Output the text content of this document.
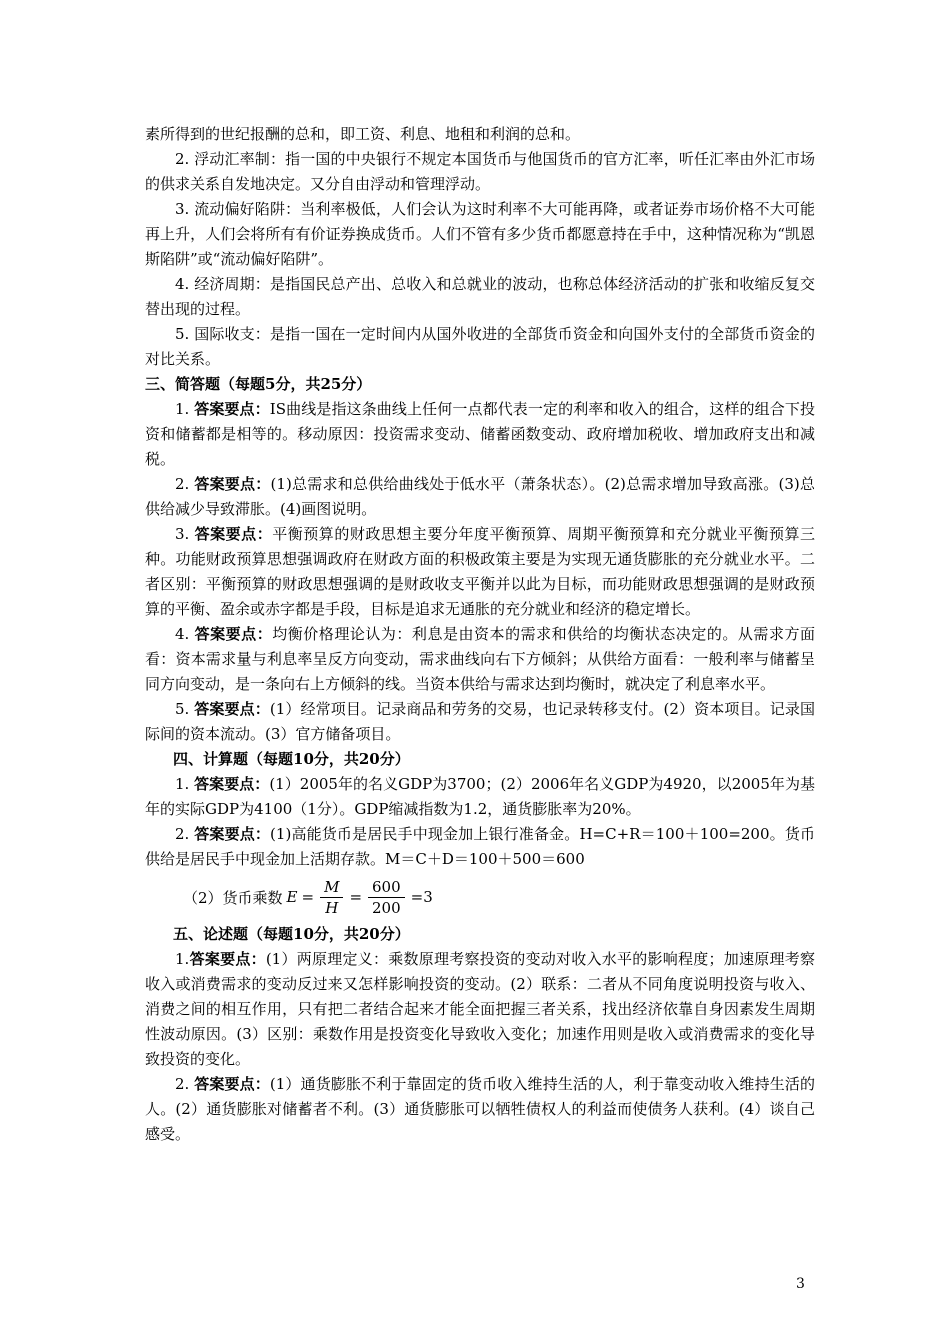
素所得到的世纪报酬的总和，即工资、利息、地租和利润的总和。

2. 浮动汇率制：指一国的中央银行不规定本国货币与他国货币的官方汇率，听任汇率由外汇市场的供求关系自发地决定。又分自由浮动和管理浮动。

3. 流动偏好陷阱：当利率极低，人们会认为这时利率不大可能再降，或者证券市场价格不大可能再上升，人们会将所有有价证券换成货币。人们不管有多少货币都愿意持在手中，这种情况称为“凯恩斯陷阱”或“流动偏好陷阱”。

4. 经济周期：是指国民总产出、总收入和总就业的波动，也称总体经济活动的扩张和收缩反复交替出现的过程。

5. 国际收支：是指一国在一定时间内从国外收进的全部货币资金和向国外支付的全部货币资金的对比关系。

三、简答题（每题5分，共25分）

1. 答案要点：IS曲线是指这条曲线上任何一点都代表一定的利率和收入的组合，这样的组合下投资和储蓄都是相等的。移动原因：投资需求变动、储蓄函数变动、政府增加税收、增加政府支出和减税。

2. 答案要点：(1)总需求和总供给曲线处于低水平（萧条状态）。(2)总需求增加导致高涨。(3)总供给减少导致滞胀。(4)画图说明。

3. 答案要点：平衡预算的财政思想主要分年度平衡预算、周期平衡预算和充分就业平衡预算三种。功能财政预算思想强调政府在财政方面的积极政策主要是为实现无通货膨胀的充分就业水平。二者区别：平衡预算的财政思想强调的是财政收支平衡并以此为目标，而功能财政思想强调的是财政预算的平衡、盈余或赤字都是手段，目标是追求无通胀的充分就业和经济的稳定增长。

4. 答案要点：均衡价格理论认为：利息是由资本的需求和供给的均衡状态决定的。从需求方面看：资本需求量与利息率呈反方向变动，需求曲线向右下方倾斜；从供给方面看：一般利率与储蓄呈同方向变动，是一条向右上方倾斜的线。当资本供给与需求达到均衡时，就决定了利息率水平。

5. 答案要点：(1）经常项目。记录商品和劳务的交易，也记录转移支付。(2）资本项目。记录国际间的资本流动。(3）官方储备项目。

四、计算题（每题10分，共20分）

1. 答案要点：(1）2005年的名义GDP为3700；(2）2006年名义GDP为4920，以2005年为基年的实际GDP为4100（1分）。GDP缩减指数为1.2，通货膨胀率为20%。

2. 答案要点：(1)高能货币是居民手中现金加上银行准备金。H=C+R＝100＋100=200。货币供给是居民手中现金加上活期存款。M＝C＋D＝100＋500＝600

（2）货币乘数 $E = \frac{M}{H} = \frac{600}{200} =3$

五、论述题（每题10分，共20分）

1.答案要点：(1）两原理定义：乘数原理考察投资的变动对收入水平的影响程度；加速原理考察收入或消费需求的变动反过来又怎样影响投资的变动。(2）联系：二者从不同角度说明投资与收入、消费之间的相互作用，只有把二者结合起来才能全面把握三者关系，找出经济依靠自身因素发生周期性波动原因。(3）区别：乘数作用是投资变化导致收入变化；加速作用则是收入或消费需求的变化导致投资的变化。

2. 答案要点：(1）通货膨胀不利于靠固定的货币收入维持生活的人，利于靠变动收入维持生活的人。(2）通货膨胀对储蓄者不利。(3）通货膨胀可以牺牲债权人的利益而使债务人获利。(4）谈自己感受。

3
